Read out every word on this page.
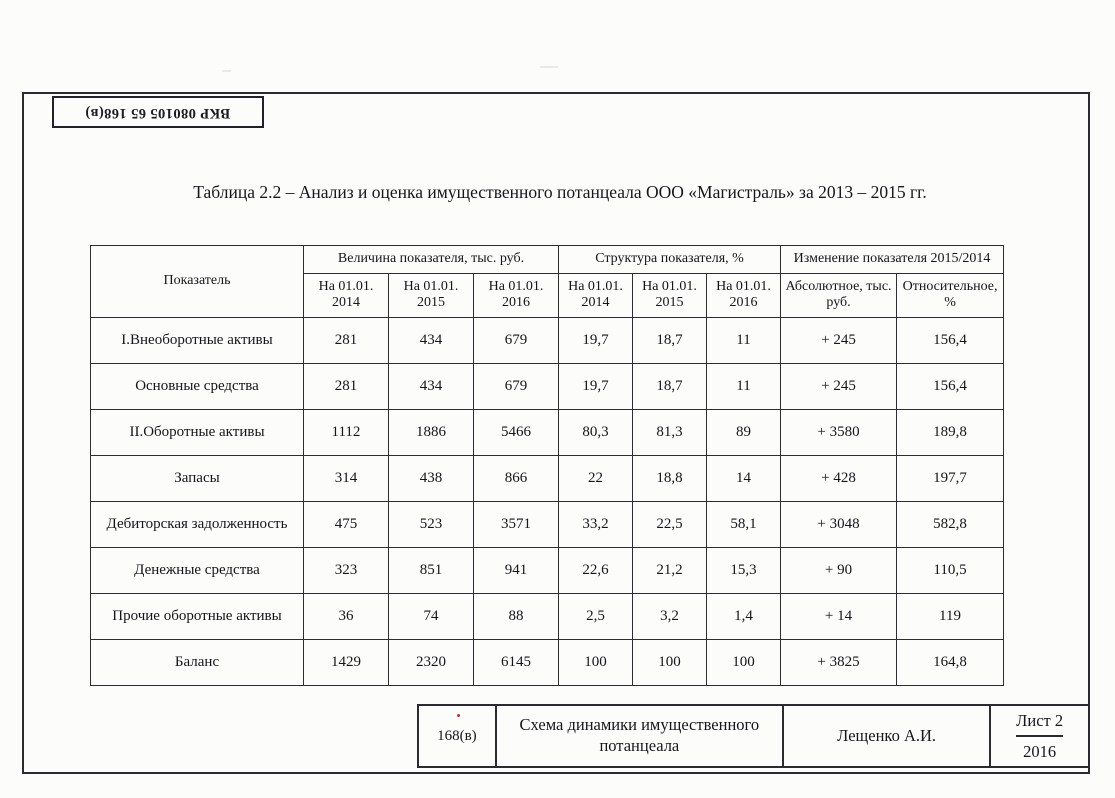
ВКР 080105 65 168(в)
Таблица 2.2 – Анализ и оценка имущественного потанцеала ООО «Магистраль» за 2013 – 2015 гг.
Показатель	Величина показателя, тыс. руб.			Структура показателя, %			Изменение показателя 2015/2014	
	На 01.01. 2014	На 01.01. 2015	На 01.01. 2016	На 01.01. 2014	На 01.01. 2015	На 01.01. 2016	Абсолютное, тыс. руб.	Относительное, %
I.Внеоборотные активы	281	434	679	19,7	18,7	11	+ 245	156,4
Основные средства	281	434	679	19,7	18,7	11	+ 245	156,4
II.Оборотные активы	1112	1886	5466	80,3	81,3	89	+ 3580	189,8
Запасы	314	438	866	22	18,8	14	+ 428	197,7
Дебиторская задолженность	475	523	3571	33,2	22,5	58,1	+ 3048	582,8
Денежные средства	323	851	941	22,6	21,2	15,3	+ 90	110,5
Прочие оборотные активы	36	74	88	2,5	3,2	1,4	+ 14	119
Баланс	1429	2320	6145	100	100	100	+ 3825	164,8
168(в)
Схема динамики имущественного потанцеала
Лещенко А.И.
Лист 2
2016
